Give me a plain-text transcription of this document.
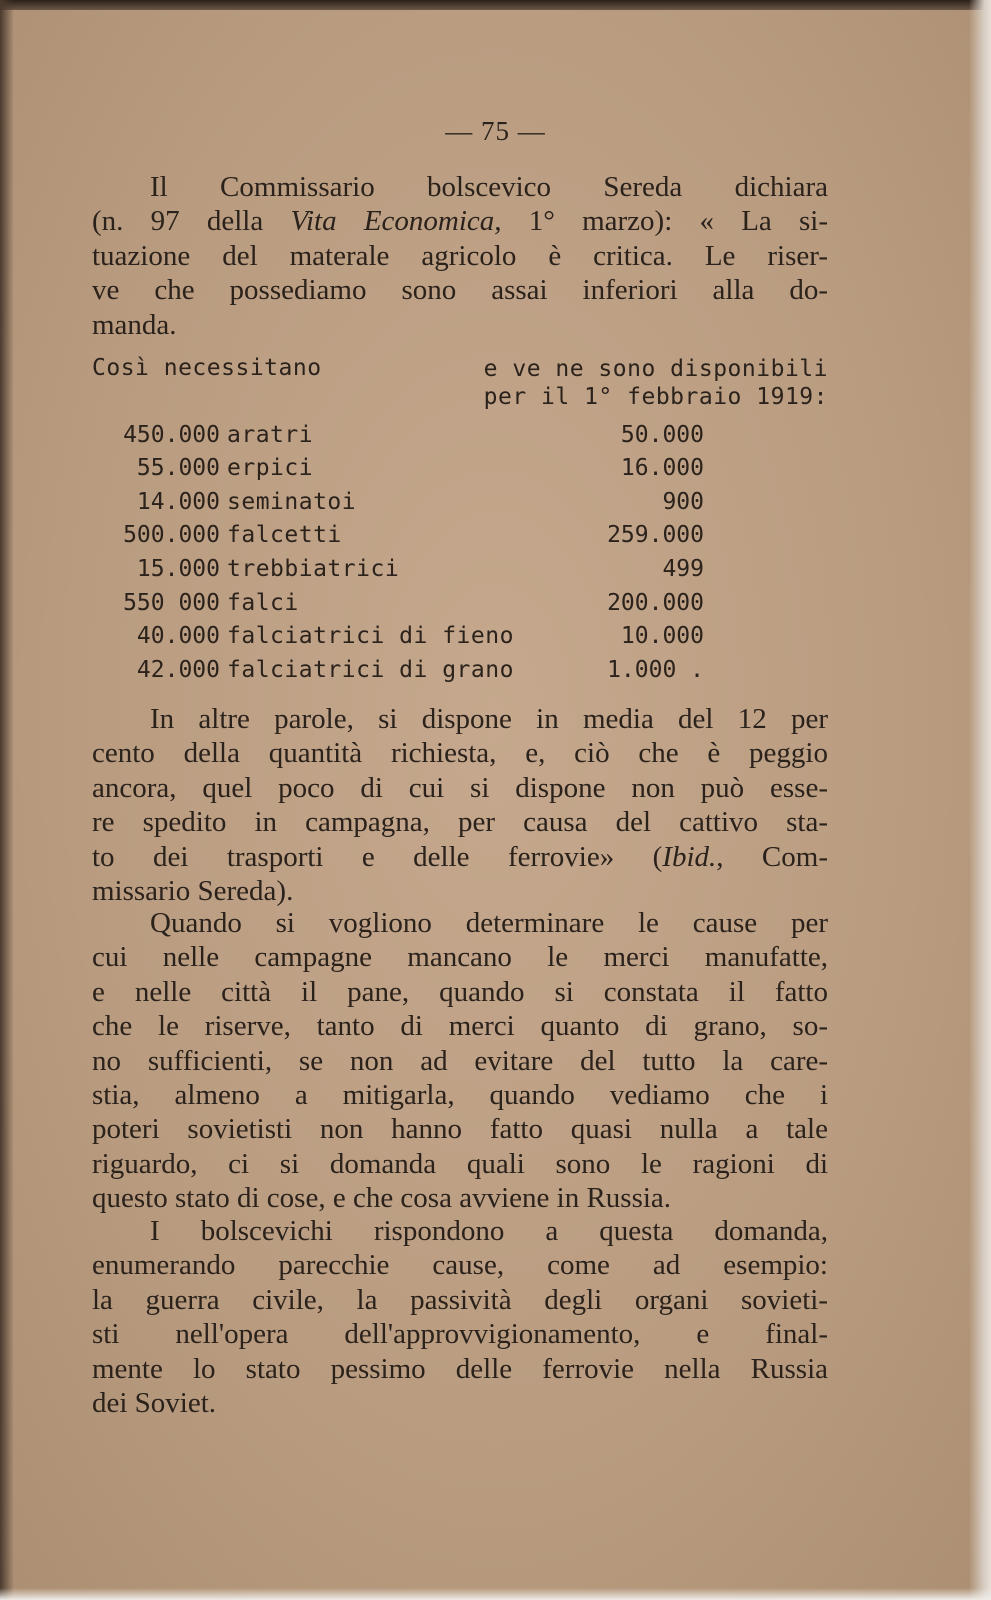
— 75 —

Il Commissario bolscevico Sereda dichiara
(n. 97 della Vita Economica, 1° marzo): « La si-
tuazione del materale agricolo è critica. Le riser-
ve che possediamo sono assai inferiori alla do-
manda.

Così necessitano	e ve ne sono disponibili
per il 1° febbraio 1919:
450.000 aratri	50.000
55.000 erpici	16.000
14.000 seminatoi	900
500.000 falcetti	259.000
15.000 trebbiatrici	499
550 000 falci	200.000
40.000 falciatrici di fieno	10.000
42.000 falciatrici di grano	1.000 .

In altre parole, si dispone in media del 12 per
cento della quantità richiesta, e, ciò che è peggio
ancora, quel poco di cui si dispone non può esse-
re spedito in campagna, per causa del cattivo sta-
to dei trasporti e delle ferrovie» (Ibid., Com-
missario Sereda).

Quando si vogliono determinare le cause per
cui nelle campagne mancano le merci manufatte,
e nelle città il pane, quando si constata il fatto
che le riserve, tanto di merci quanto di grano, so-
no sufficienti, se non ad evitare del tutto la care-
stia, almeno a mitigarla, quando vediamo che i
poteri sovietisti non hanno fatto quasi nulla a tale
riguardo, ci si domanda quali sono le ragioni di
questo stato di cose, e che cosa avviene in Russia.

I bolscevichi rispondono a questa domanda,
enumerando parecchie cause, come ad esempio:
la guerra civile, la passività degli organi sovieti-
sti nell'opera dell'approvvigionamento, e final-
mente lo stato pessimo delle ferrovie nella Russia
dei Soviet.
